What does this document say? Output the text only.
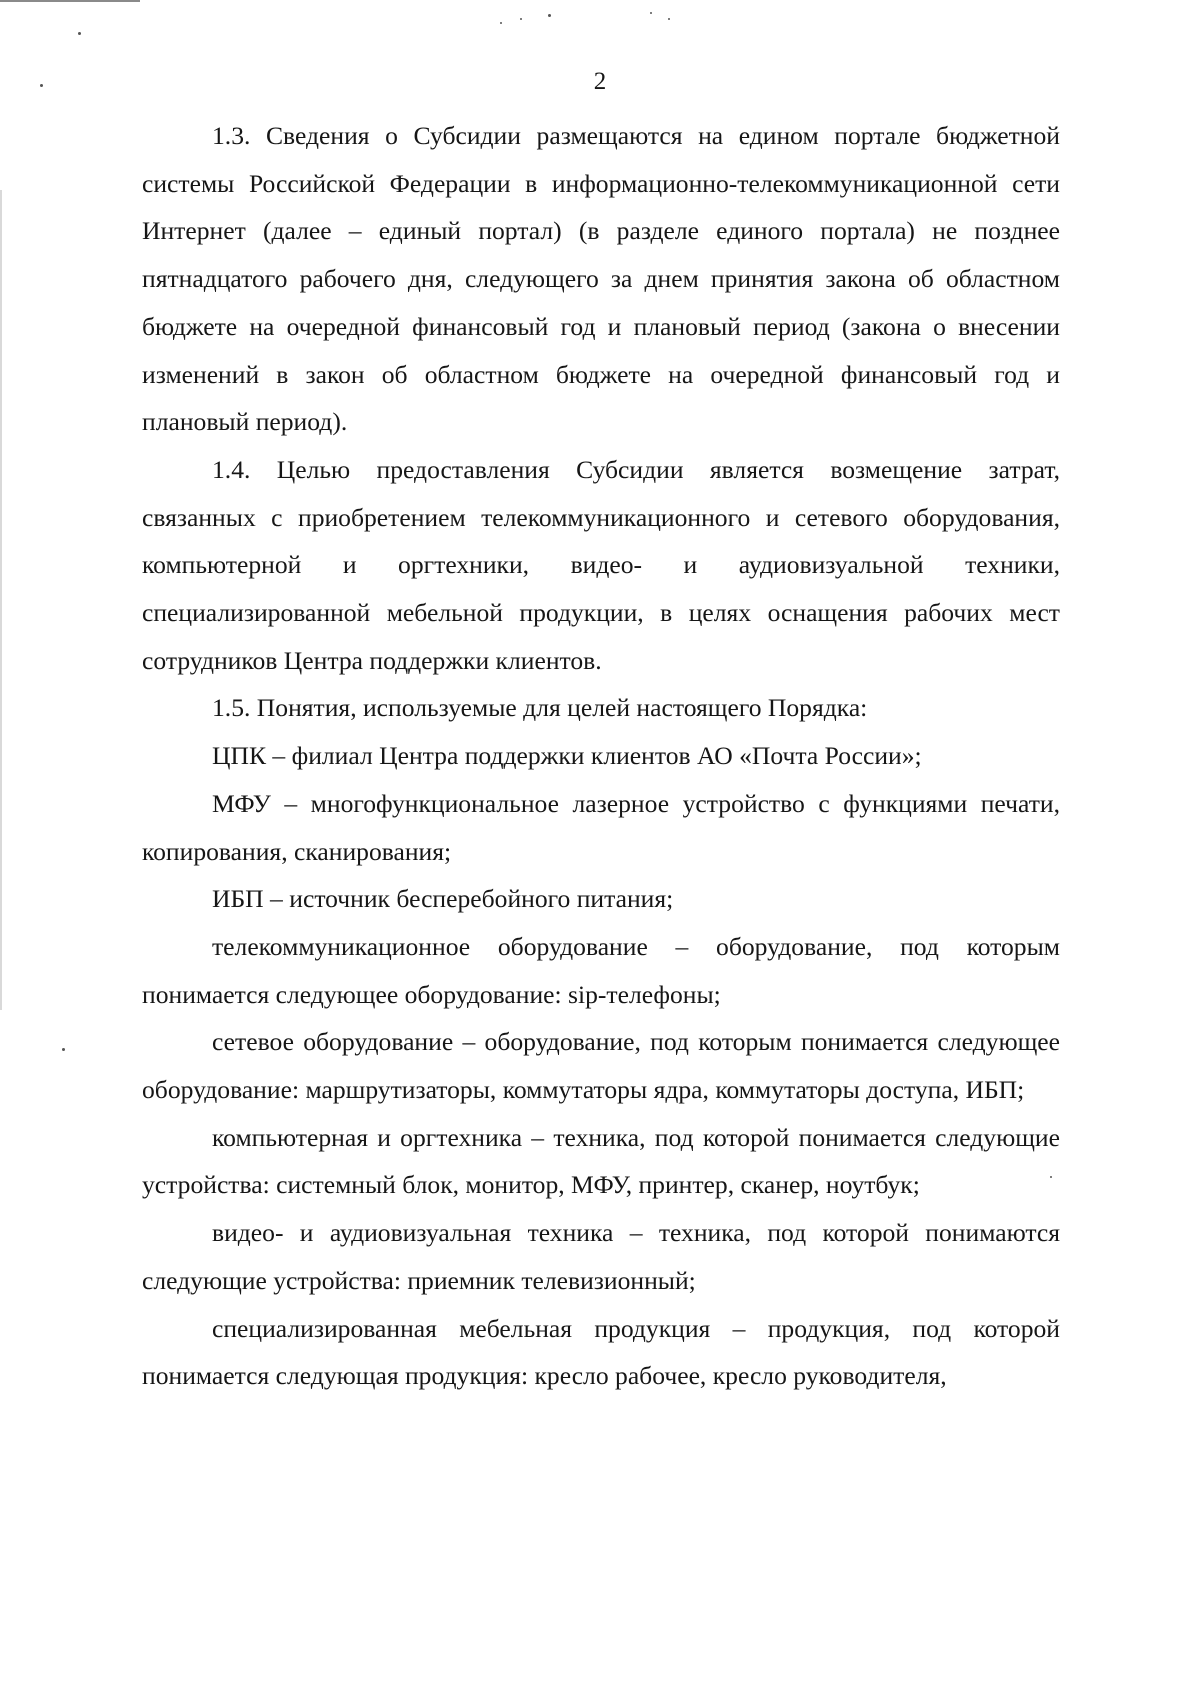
2

1.3. Сведения о Субсидии размещаются на едином портале бюджетной системы Российской Федерации в информационно-телекоммуникационной сети Интернет (далее – единый портал) (в разделе единого портала) не позднее пятнадцатого рабочего дня, следующего за днем принятия закона об областном бюджете на очередной финансовый год и плановый период (закона о внесении изменений в закон об областном бюджете на очередной финансовый год и плановый период).

1.4. Целью предоставления Субсидии является возмещение затрат, связанных с приобретением телекоммуникационного и сетевого оборудования, компьютерной и оргтехники, видео- и аудиовизуальной техники, специализированной мебельной продукции, в целях оснащения рабочих мест сотрудников Центра поддержки клиентов.

1.5. Понятия, используемые для целей настоящего Порядка:

ЦПК – филиал Центра поддержки клиентов АО «Почта России»;

МФУ – многофункциональное лазерное устройство с функциями печати, копирования, сканирования;

ИБП – источник бесперебойного питания;

телекоммуникационное оборудование – оборудование, под которым понимается следующее оборудование: sip-телефоны;

сетевое оборудование – оборудование, под которым понимается следующее оборудование: маршрутизаторы, коммутаторы ядра, коммутаторы доступа, ИБП;

компьютерная и оргтехника – техника, под которой понимается следующие устройства: системный блок, монитор, МФУ, принтер, сканер, ноутбук;

видео- и аудиовизуальная техника – техника, под которой понимаются следующие устройства: приемник телевизионный;

специализированная мебельная продукция – продукция, под которой понимается следующая продукция: кресло рабочее, кресло руководителя,
